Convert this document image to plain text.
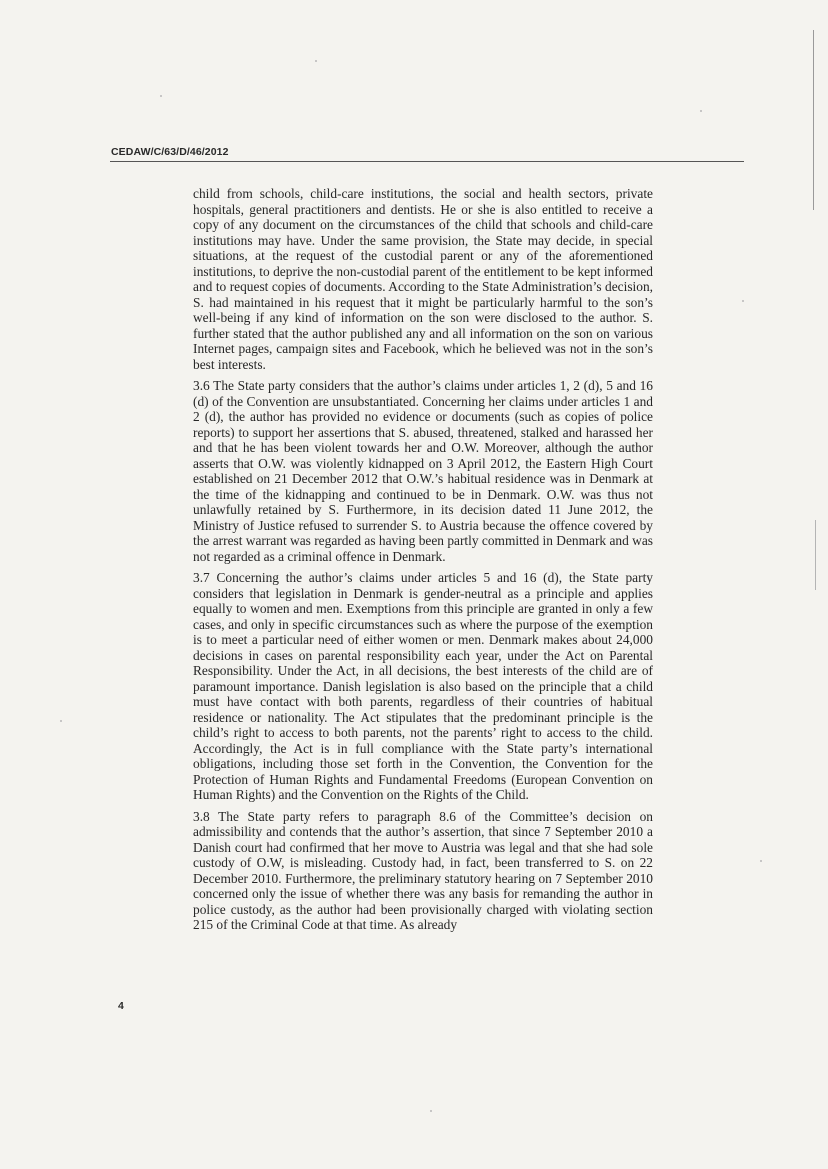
CEDAW/C/63/D/46/2012

child from schools, child-care institutions, the social and health sectors, private hospitals, general practitioners and dentists. He or she is also entitled to receive a copy of any document on the circumstances of the child that schools and child-care institutions may have. Under the same provision, the State may decide, in special situations, at the request of the custodial parent or any of the aforementioned institutions, to deprive the non-custodial parent of the entitlement to be kept informed and to request copies of documents. According to the State Administration’s decision, S. had maintained in his request that it might be particularly harmful to the son’s well-being if any kind of information on the son were disclosed to the author. S. further stated that the author published any and all information on the son on various Internet pages, campaign sites and Facebook, which he believed was not in the son’s best interests.

3.6 The State party considers that the author’s claims under articles 1, 2 (d), 5 and 16 (d) of the Convention are unsubstantiated. Concerning her claims under articles 1 and 2 (d), the author has provided no evidence or documents (such as copies of police reports) to support her assertions that S. abused, threatened, stalked and harassed her and that he has been violent towards her and O.W. Moreover, although the author asserts that O.W. was violently kidnapped on 3 April 2012, the Eastern High Court established on 21 December 2012 that O.W.’s habitual residence was in Denmark at the time of the kidnapping and continued to be in Denmark. O.W. was thus not unlawfully retained by S. Furthermore, in its decision dated 11 June 2012, the Ministry of Justice refused to surrender S. to Austria because the offence covered by the arrest warrant was regarded as having been partly committed in Denmark and was not regarded as a criminal offence in Denmark.

3.7 Concerning the author’s claims under articles 5 and 16 (d), the State party considers that legislation in Denmark is gender-neutral as a principle and applies equally to women and men. Exemptions from this principle are granted in only a few cases, and only in specific circumstances such as where the purpose of the exemption is to meet a particular need of either women or men. Denmark makes about 24,000 decisions in cases on parental responsibility each year, under the Act on Parental Responsibility. Under the Act, in all decisions, the best interests of the child are of paramount importance. Danish legislation is also based on the principle that a child must have contact with both parents, regardless of their countries of habitual residence or nationality. The Act stipulates that the predominant principle is the child’s right to access to both parents, not the parents’ right to access to the child. Accordingly, the Act is in full compliance with the State party’s international obligations, including those set forth in the Convention, the Convention for the Protection of Human Rights and Fundamental Freedoms (European Convention on Human Rights) and the Convention on the Rights of the Child.

3.8 The State party refers to paragraph 8.6 of the Committee’s decision on admissibility and contends that the author’s assertion, that since 7 September 2010 a Danish court had confirmed that her move to Austria was legal and that she had sole custody of O.W, is misleading. Custody had, in fact, been transferred to S. on 22 December 2010. Furthermore, the preliminary statutory hearing on 7 September 2010 concerned only the issue of whether there was any basis for remanding the author in police custody, as the author had been provisionally charged with violating section 215 of the Criminal Code at that time. As already

4
